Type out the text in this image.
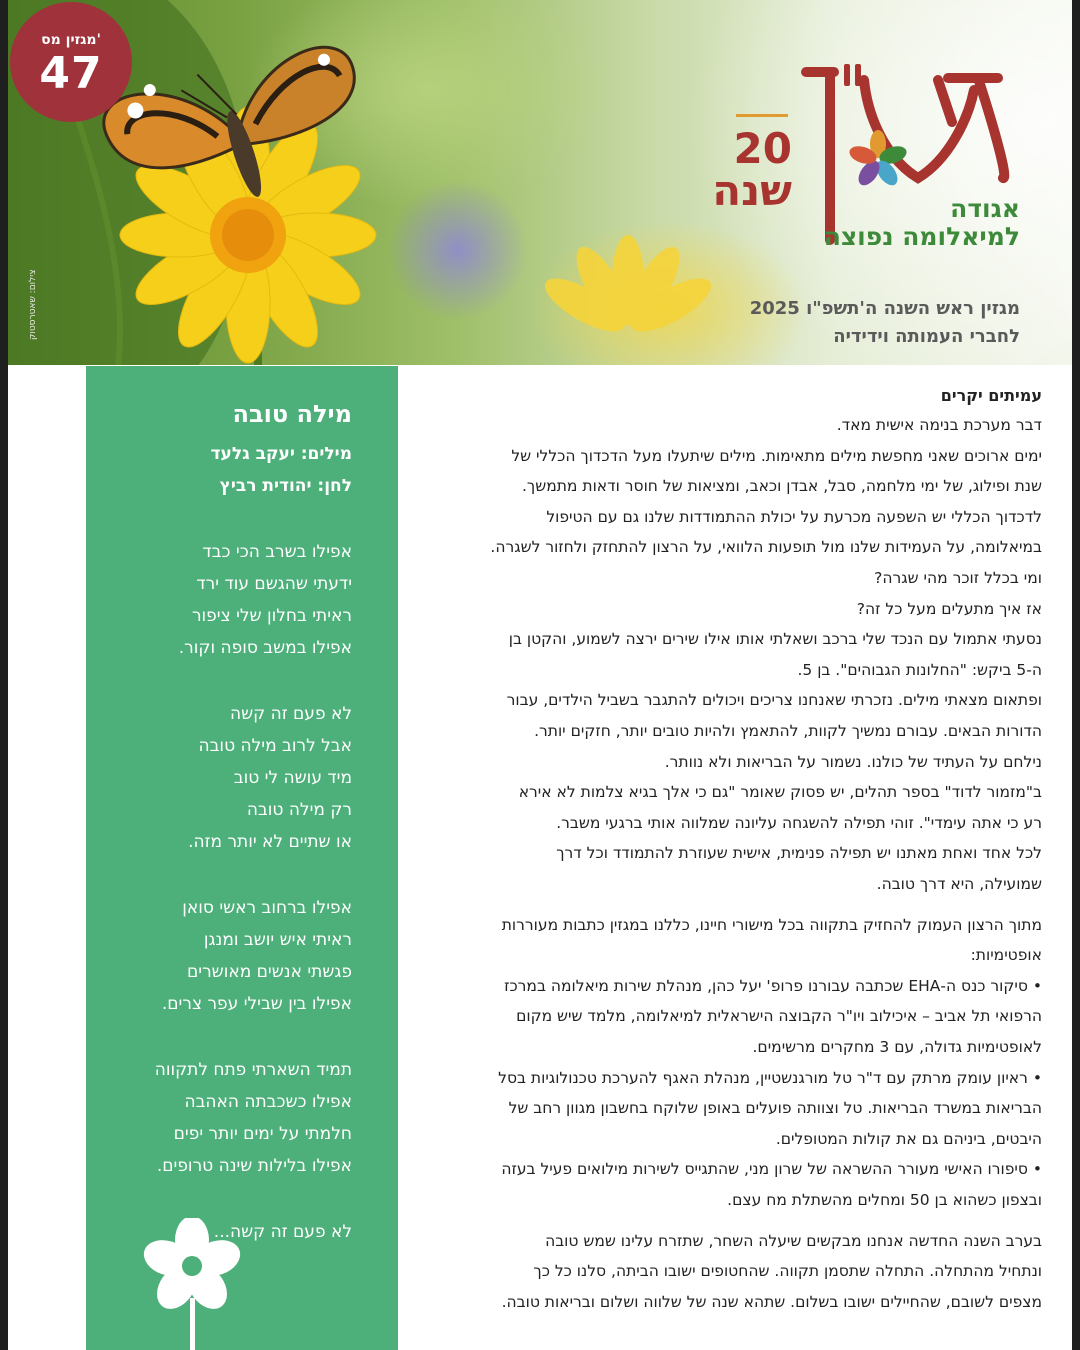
מגזין מס'
47
צילום: שאטרסטוק
20
שנה	אגודה
למיאלומה נפוצה
מגזין ראש השנה ה'תשפ"ו 2025
לחברי העמותה וידידיה
מילה טובה
מילים: יעקב גלעד
לחן: יהודית רביץ
אפילו בשרב הכי כבד
ידעתי שהגשם עוד ירד
ראיתי בחלון שלי ציפור
אפילו במשב סופה וקור.
לא פעם זה קשה
אבל לרוב מילה טובה
מיד עושה לי טוב
רק מילה טובה
או שתיים לא יותר מזה.
אפילו ברחוב ראשי סואן
ראיתי איש יושב ומנגן
פגשתי אנשים מאושרים
אפילו בין שבילי עפר צרים.
תמיד השארתי פתח לתקווה
אפילו כשכבתה האהבה
חלמתי על ימים יותר יפים
אפילו בלילות שינה טרופים.
לא פעם זה קשה...
עמיתים יקרים
דבר מערכת בנימה אישית מאד.
ימים ארוכים שאני מחפשת מילים מתאימות. מילים שיתעלו מעל הדכדוך הכללי של
שנת ופילוג, של ימי מלחמה, סבל, אבדן וכאב, ומציאות של חוסר ודאות מתמשך.
לדכדוך הכללי יש השפעה מכרעת על יכולת ההתמודדות שלנו גם עם הטיפול
במיאלומה, על העמידות שלנו מול תופעות הלוואי, על הרצון להתחזק ולחזור לשגרה.
ומי בכלל זוכר מהי שגרה?
אז איך מתעלים מעל כל זה?
נסעתי אתמול עם הנכד שלי ברכב ושאלתי אותו אילו שירים ירצה לשמוע, והקטן בן
ה-5 ביקש: "החלונות הגבוהים". בן 5.
ופתאום מצאתי מילים. נזכרתי שאנחנו צריכים ויכולים להתגבר בשביל הילדים, עבור
הדורות הבאים. עבורם נמשיך לקוות, להתאמץ ולהיות טובים יותר, חזקים יותר.
נילחם על העתיד של כולנו. נשמור על הבריאות ולא נוותר.
ב"מזמור לדוד" בספר תהלים, יש פסוק שאומר "גם כי אלך בגיא צלמות לא אירא
רע כי אתה עימדי". זוהי תפילה להשגחה עליונה שמלווה אותי ברגעי משבר.
לכל אחד ואחת מאתנו יש תפילה פנימית, אישית שעוזרת להתמודד וכל דרך
שמועילה, היא דרך טובה.
מתוך הרצון העמוק להחזיק בתקווה בכל מישורי חיינו, כללנו במגזין כתבות מעוררות
אופטימיות:
• סיקור כנס ה-EHA שכתבה עבורנו פרופ' יעל כהן, מנהלת שירות מיאלומה במרכז
הרפואי תל אביב – איכילוב ויו"ר הקבוצה הישראלית למיאלומה, מלמד שיש מקום
לאופטימיות גדולה, עם 3 מחקרים מרשימים.
• ראיון עומק מרתק עם ד"ר טל מורגנשטיין, מנהלת האגף להערכת טכנולוגיות בסל
הבריאות במשרד הבריאות. טל וצוותה פועלים באופן שלוקח בחשבון מגוון רחב של
היבטים, ביניהם גם את קולות המטופלים.
• סיפורו האישי מעורר ההשראה של שרון מני, שהתגייס לשירות מילואים פעיל בעזה
ובצפון כשהוא בן 50 ומחלים מהשתלת מח עצם.
בערב השנה החדשה אנחנו מבקשים שיעלה השחר, שתזרח עלינו שמש טובה
ונתחיל מהתחלה. התחלה שתסמן תקווה. שהחטופים ישובו הביתה, סלנו כל כך
מצפים לשובם, שהחיילים ישובו בשלום. שתהא שנה של שלווה ושלום ובריאות טובה.
